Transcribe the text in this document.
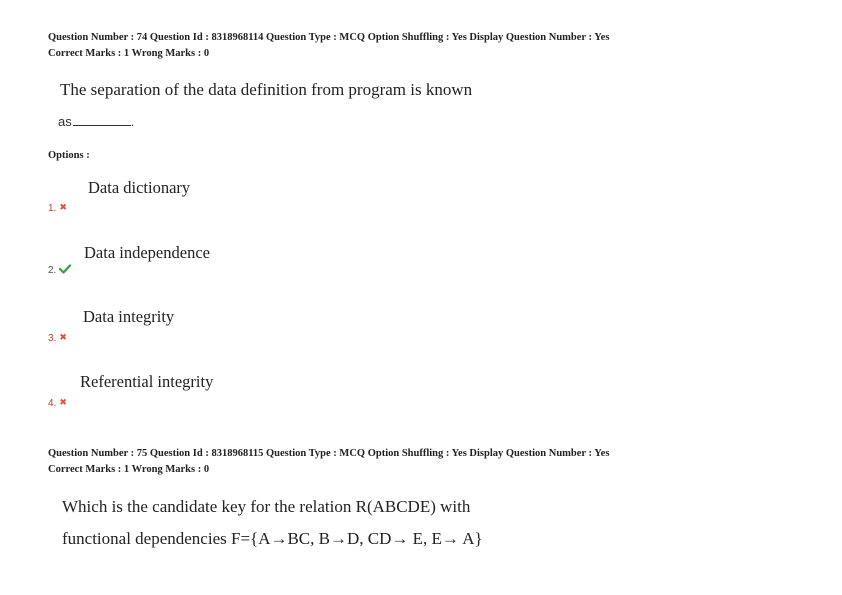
Question Number : 74 Question Id : 8318968114 Question Type : MCQ Option Shuffling : Yes Display Question Number : Yes
Correct Marks : 1 Wrong Marks : 0
The separation of the data definition from program is known
as	.
Options :
Data dictionary
1. ✖
Data independence
2.
Data integrity
3. ✖
Referential integrity
4. ✖
Question Number : 75 Question Id : 8318968115 Question Type : MCQ Option Shuffling : Yes Display Question Number : Yes
Correct Marks : 1 Wrong Marks : 0
Which is the candidate key for the relation R(ABCDE) with
functional dependencies F={A→BC, B→D, CD→ E, E→ A}
